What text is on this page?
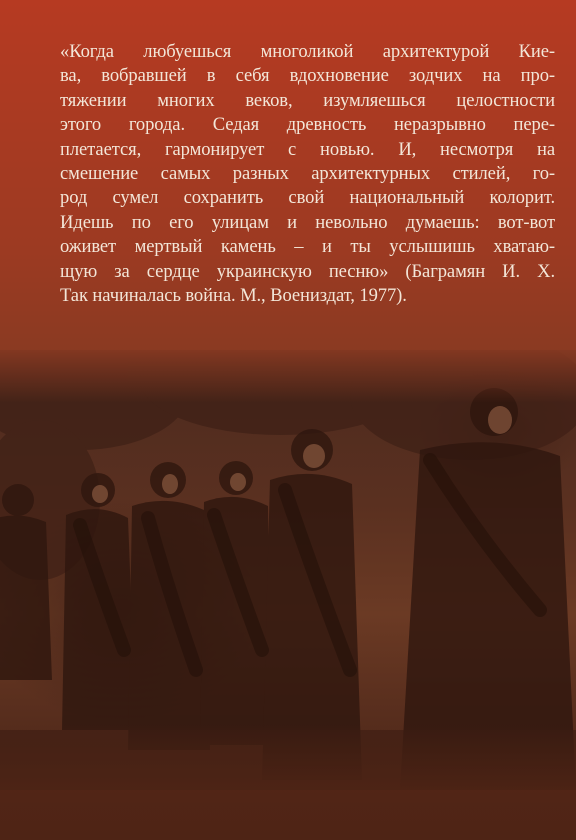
«Когда любуешься многоликой архитектурой Кие-
ва, вобравшей в себя вдохновение зодчих на про-
тяжении многих веков, изумляешься целостности
этого города. Седая древность неразрывно пере-
плетается, гармонирует с новью. И, несмотря на
смешение самых разных архитектурных стилей, го-
род сумел сохранить свой национальный колорит.
Идешь по его улицам и невольно думаешь: вот-вот
оживет мертвый камень – и ты услышишь хватаю-
щую за сердце украинскую песню» (Баграмян И. Х.
Так начиналась война. М., Воениздат, 1977).
